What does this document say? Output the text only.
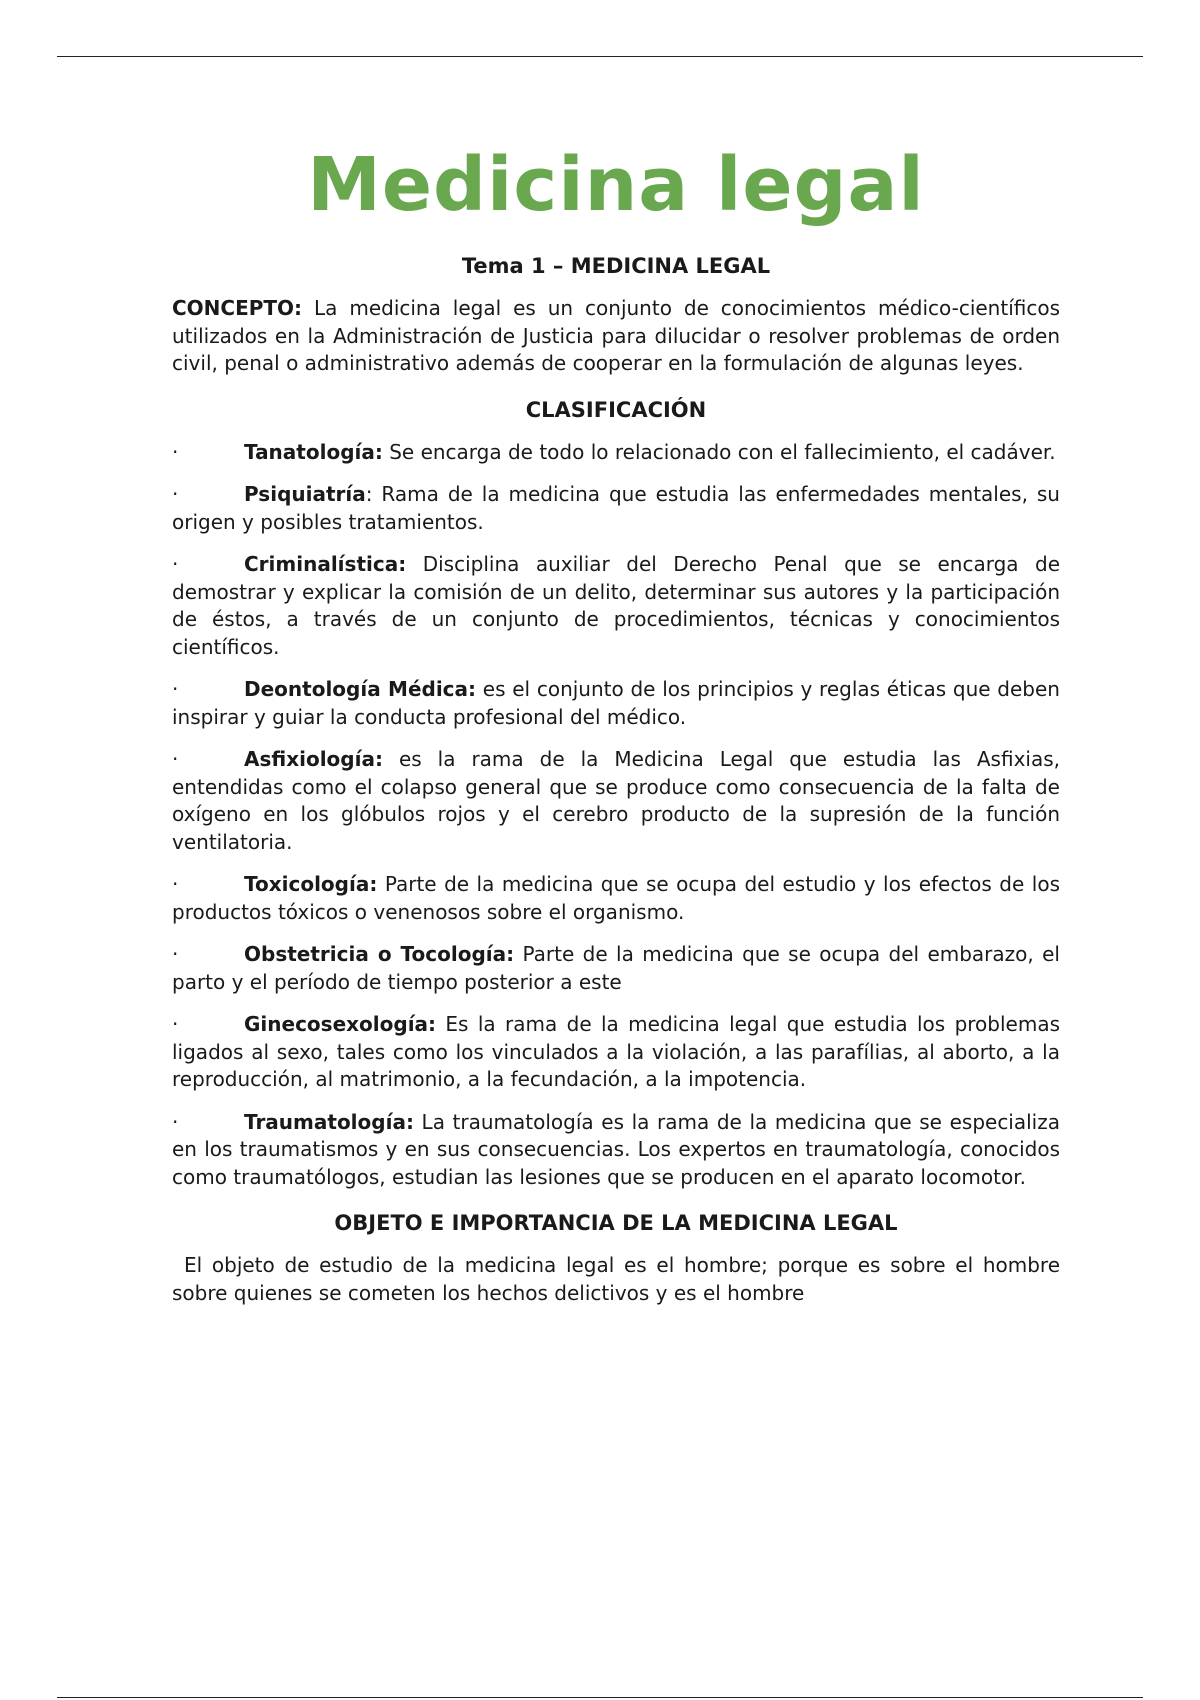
Medicina legal
Tema 1 – MEDICINA LEGAL

CONCEPTO: La medicina legal es un conjunto de conocimientos médico-científicos utilizados en la Administración de Justicia para dilucidar o resolver problemas de orden civil, penal o administrativo además de cooperar en la formulación de algunas leyes.

CLASIFICACIÓN
·	Tanatología: Se encarga de todo lo relacionado con el fallecimiento, el cadáver.
·	Psiquiatría: Rama de la medicina que estudia las enfermedades mentales, su origen y posibles tratamientos.
·	Criminalística: Disciplina auxiliar del Derecho Penal que se encarga de demostrar y explicar la comisión de un delito, determinar sus autores y la participación de éstos, a través de un conjunto de procedimientos, técnicas y conocimientos científicos.
·	Deontología Médica: es el conjunto de los principios y reglas éticas que deben inspirar y guiar la conducta profesional del médico.
·	Asfixiología: es la rama de la Medicina Legal que estudia las Asfixias, entendidas como el colapso general que se produce como consecuencia de la falta de oxígeno en los glóbulos rojos y el cerebro producto de la supresión de la función ventilatoria.
·	Toxicología: Parte de la medicina que se ocupa del estudio y los efectos de los productos tóxicos o venenosos sobre el organismo.
·	Obstetricia o Tocología: Parte de la medicina que se ocupa del embarazo, el parto y el período de tiempo posterior a este
·	Ginecosexología: Es la rama de la medicina legal que estudia los problemas ligados al sexo, tales como los vinculados a la violación, a las parafílias, al aborto, a la reproducción, al matrimonio, a la fecundación, a la impotencia.
·	Traumatología: La traumatología es la rama de la medicina que se especializa en los traumatismos y en sus consecuencias. Los expertos en traumatología, conocidos como traumatólogos, estudian las lesiones que se producen en el aparato locomotor.
OBJETO E IMPORTANCIA DE LA MEDICINA LEGAL

El objeto de estudio de la medicina legal es el hombre; porque es sobre el hombre sobre quienes se cometen los hechos delictivos y es el hombre
